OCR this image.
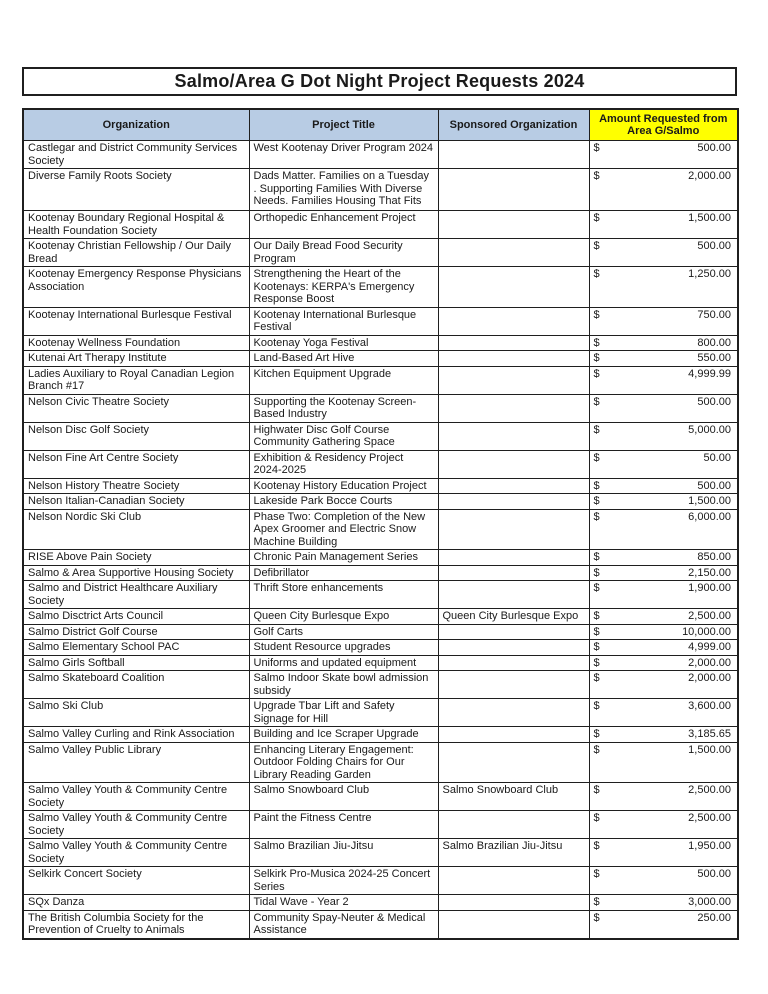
Salmo/Area G Dot Night Project Requests 2024
Organization	Project Title	Sponsored Organization	Amount Requested from Area G/Salmo
Castlegar and District Community Services Society	West Kootenay Driver Program 2024		$ 500.00

Diverse Family Roots Society	Dads Matter. Families on a Tuesday . Supporting Families With Diverse Needs. Families Housing That Fits		$ 2,000.00

Kootenay Boundary Regional Hospital & Health Foundation Society	Orthopedic Enhancement Project		$ 1,500.00

Kootenay Christian Fellowship / Our Daily Bread	Our Daily Bread Food Security Program		$ 500.00

Kootenay Emergency Response Physicians Association	Strengthening the Heart of the Kootenays: KERPA's Emergency Response Boost		$ 1,250.00

Kootenay International Burlesque Festival	Kootenay International Burlesque Festival		$ 750.00

Kootenay Wellness Foundation	Kootenay Yoga Festival		$ 800.00

Kutenai Art Therapy Institute	Land-Based Art Hive		$ 550.00

Ladies Auxiliary to Royal Canadian Legion Branch #17	Kitchen Equipment Upgrade		$ 4,999.99

Nelson Civic Theatre Society	Supporting the Kootenay Screen-Based Industry		$ 500.00

Nelson Disc Golf Society	Highwater Disc Golf Course Community Gathering Space		$ 5,000.00

Nelson Fine Art Centre Society	Exhibition & Residency Project 2024-2025		$ 50.00

Nelson History Theatre Society	Kootenay History Education Project		$ 500.00

Nelson Italian-Canadian Society	Lakeside Park Bocce Courts		$ 1,500.00

Nelson Nordic Ski Club	Phase Two: Completion of the New Apex Groomer and Electric Snow Machine Building		$ 6,000.00

RISE Above Pain Society	Chronic Pain Management Series		$ 850.00

Salmo & Area Supportive Housing Society	Defibrillator		$ 2,150.00

Salmo and District Healthcare Auxiliary Society	Thrift Store enhancements		$ 1,900.00

Salmo Disctrict Arts Council	Queen City Burlesque Expo	Queen City Burlesque Expo	$ 2,500.00

Salmo District Golf Course	Golf Carts		$ 10,000.00

Salmo Elementary School PAC	Student Resource upgrades		$ 4,999.00

Salmo Girls Softball	Uniforms and updated equipment		$ 2,000.00

Salmo Skateboard Coalition	Salmo Indoor Skate bowl admission subsidy		$ 2,000.00

Salmo Ski Club	Upgrade Tbar Lift and Safety Signage for Hill		$ 3,600.00

Salmo Valley Curling and Rink Association	Building and Ice Scraper Upgrade		$ 3,185.65

Salmo Valley Public Library	Enhancing Literary Engagement: Outdoor Folding Chairs for Our Library Reading Garden		$ 1,500.00

Salmo Valley Youth & Community Centre Society	Salmo Snowboard Club	Salmo Snowboard Club	$ 2,500.00

Salmo Valley Youth & Community Centre Society	Paint the Fitness Centre		$ 2,500.00

Salmo Valley Youth & Community Centre Society	Salmo Brazilian Jiu-Jitsu	Salmo Brazilian Jiu-Jitsu	$ 1,950.00

Selkirk Concert Society	Selkirk Pro-Musica 2024-25 Concert Series		$ 500.00

SQx Danza	Tidal Wave - Year 2		$ 3,000.00

The British Columbia Society for the Prevention of Cruelty to Animals	Community Spay-Neuter & Medical Assistance		$ 250.00
